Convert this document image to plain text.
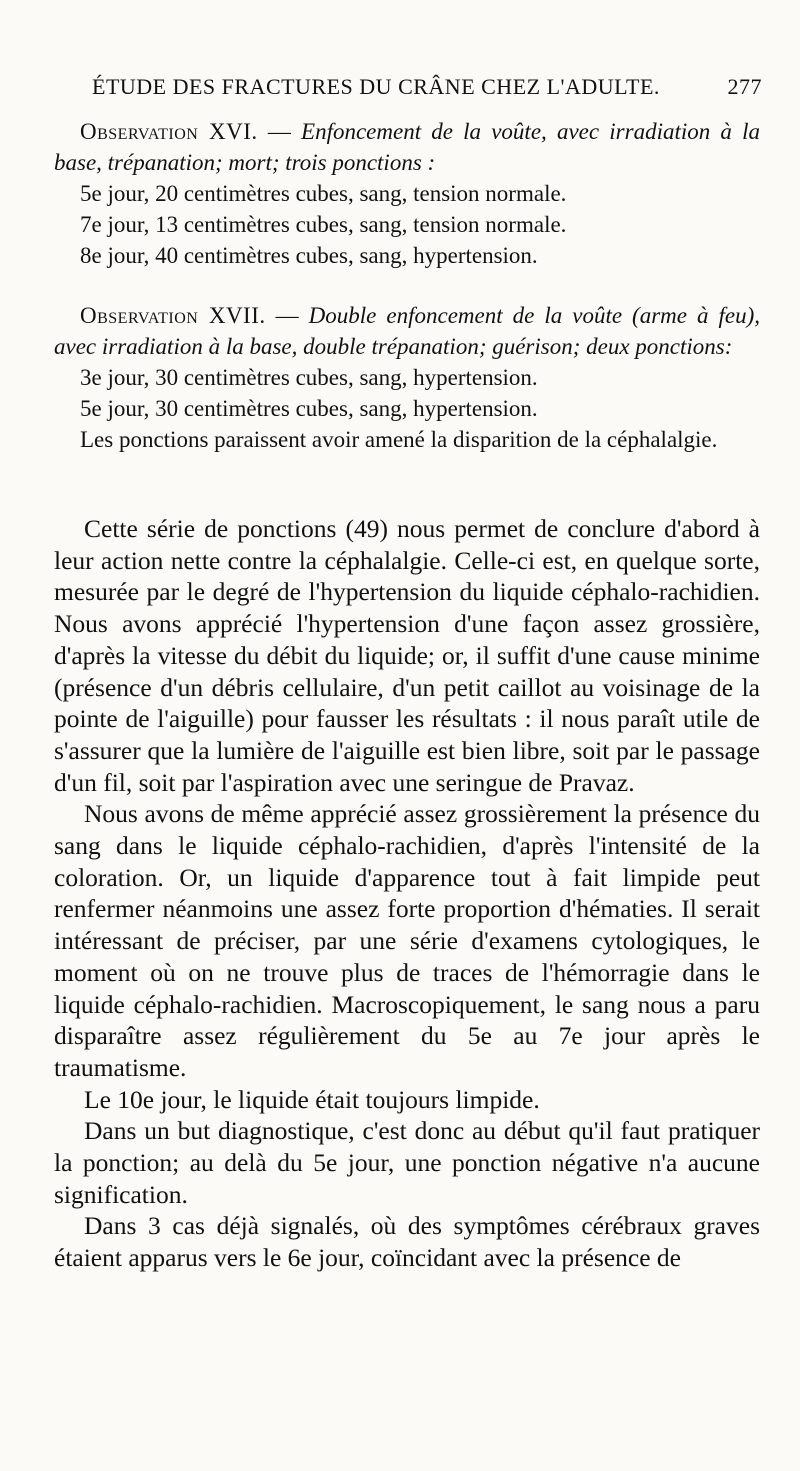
ÉTUDE DES FRACTURES DU CRÂNE CHEZ L'ADULTE.	277
Observation XVI. — Enfoncement de la voûte, avec irradiation à la base, trépanation; mort; trois ponctions :
5e jour, 20 centimètres cubes, sang, tension normale.
7e jour, 13 centimètres cubes, sang, tension normale.
8e jour, 40 centimètres cubes, sang, hypertension.
Observation XVII. — Double enfoncement de la voûte (arme à feu), avec irradiation à la base, double trépanation; guérison; deux ponctions:
3e jour, 30 centimètres cubes, sang, hypertension.
5e jour, 30 centimètres cubes, sang, hypertension.
Les ponctions paraissent avoir amené la disparition de la céphalalgie.

Cette série de ponctions (49) nous permet de conclure d'abord à leur action nette contre la céphalalgie. Celle-ci est, en quelque sorte, mesurée par le degré de l'hypertension du liquide céphalo-rachidien. Nous avons apprécié l'hypertension d'une façon assez grossière, d'après la vitesse du débit du liquide; or, il suffit d'une cause minime (présence d'un débris cellulaire, d'un petit caillot au voisinage de la pointe de l'aiguille) pour fausser les résultats : il nous paraît utile de s'assurer que la lumière de l'aiguille est bien libre, soit par le passage d'un fil, soit par l'aspiration avec une seringue de Pravaz.

Nous avons de même apprécié assez grossièrement la présence du sang dans le liquide céphalo-rachidien, d'après l'intensité de la coloration. Or, un liquide d'apparence tout à fait limpide peut renfermer néanmoins une assez forte proportion d'hématies. Il serait intéressant de préciser, par une série d'examens cytologiques, le moment où on ne trouve plus de traces de l'hémorragie dans le liquide céphalo-rachidien. Macroscopiquement, le sang nous a paru disparaître assez régulièrement du 5e au 7e jour après le traumatisme.

Le 10e jour, le liquide était toujours limpide.

Dans un but diagnostique, c'est donc au début qu'il faut pratiquer la ponction; au delà du 5e jour, une ponction négative n'a aucune signification.

Dans 3 cas déjà signalés, où des symptômes cérébraux graves étaient apparus vers le 6e jour, coïncidant avec la présence de
